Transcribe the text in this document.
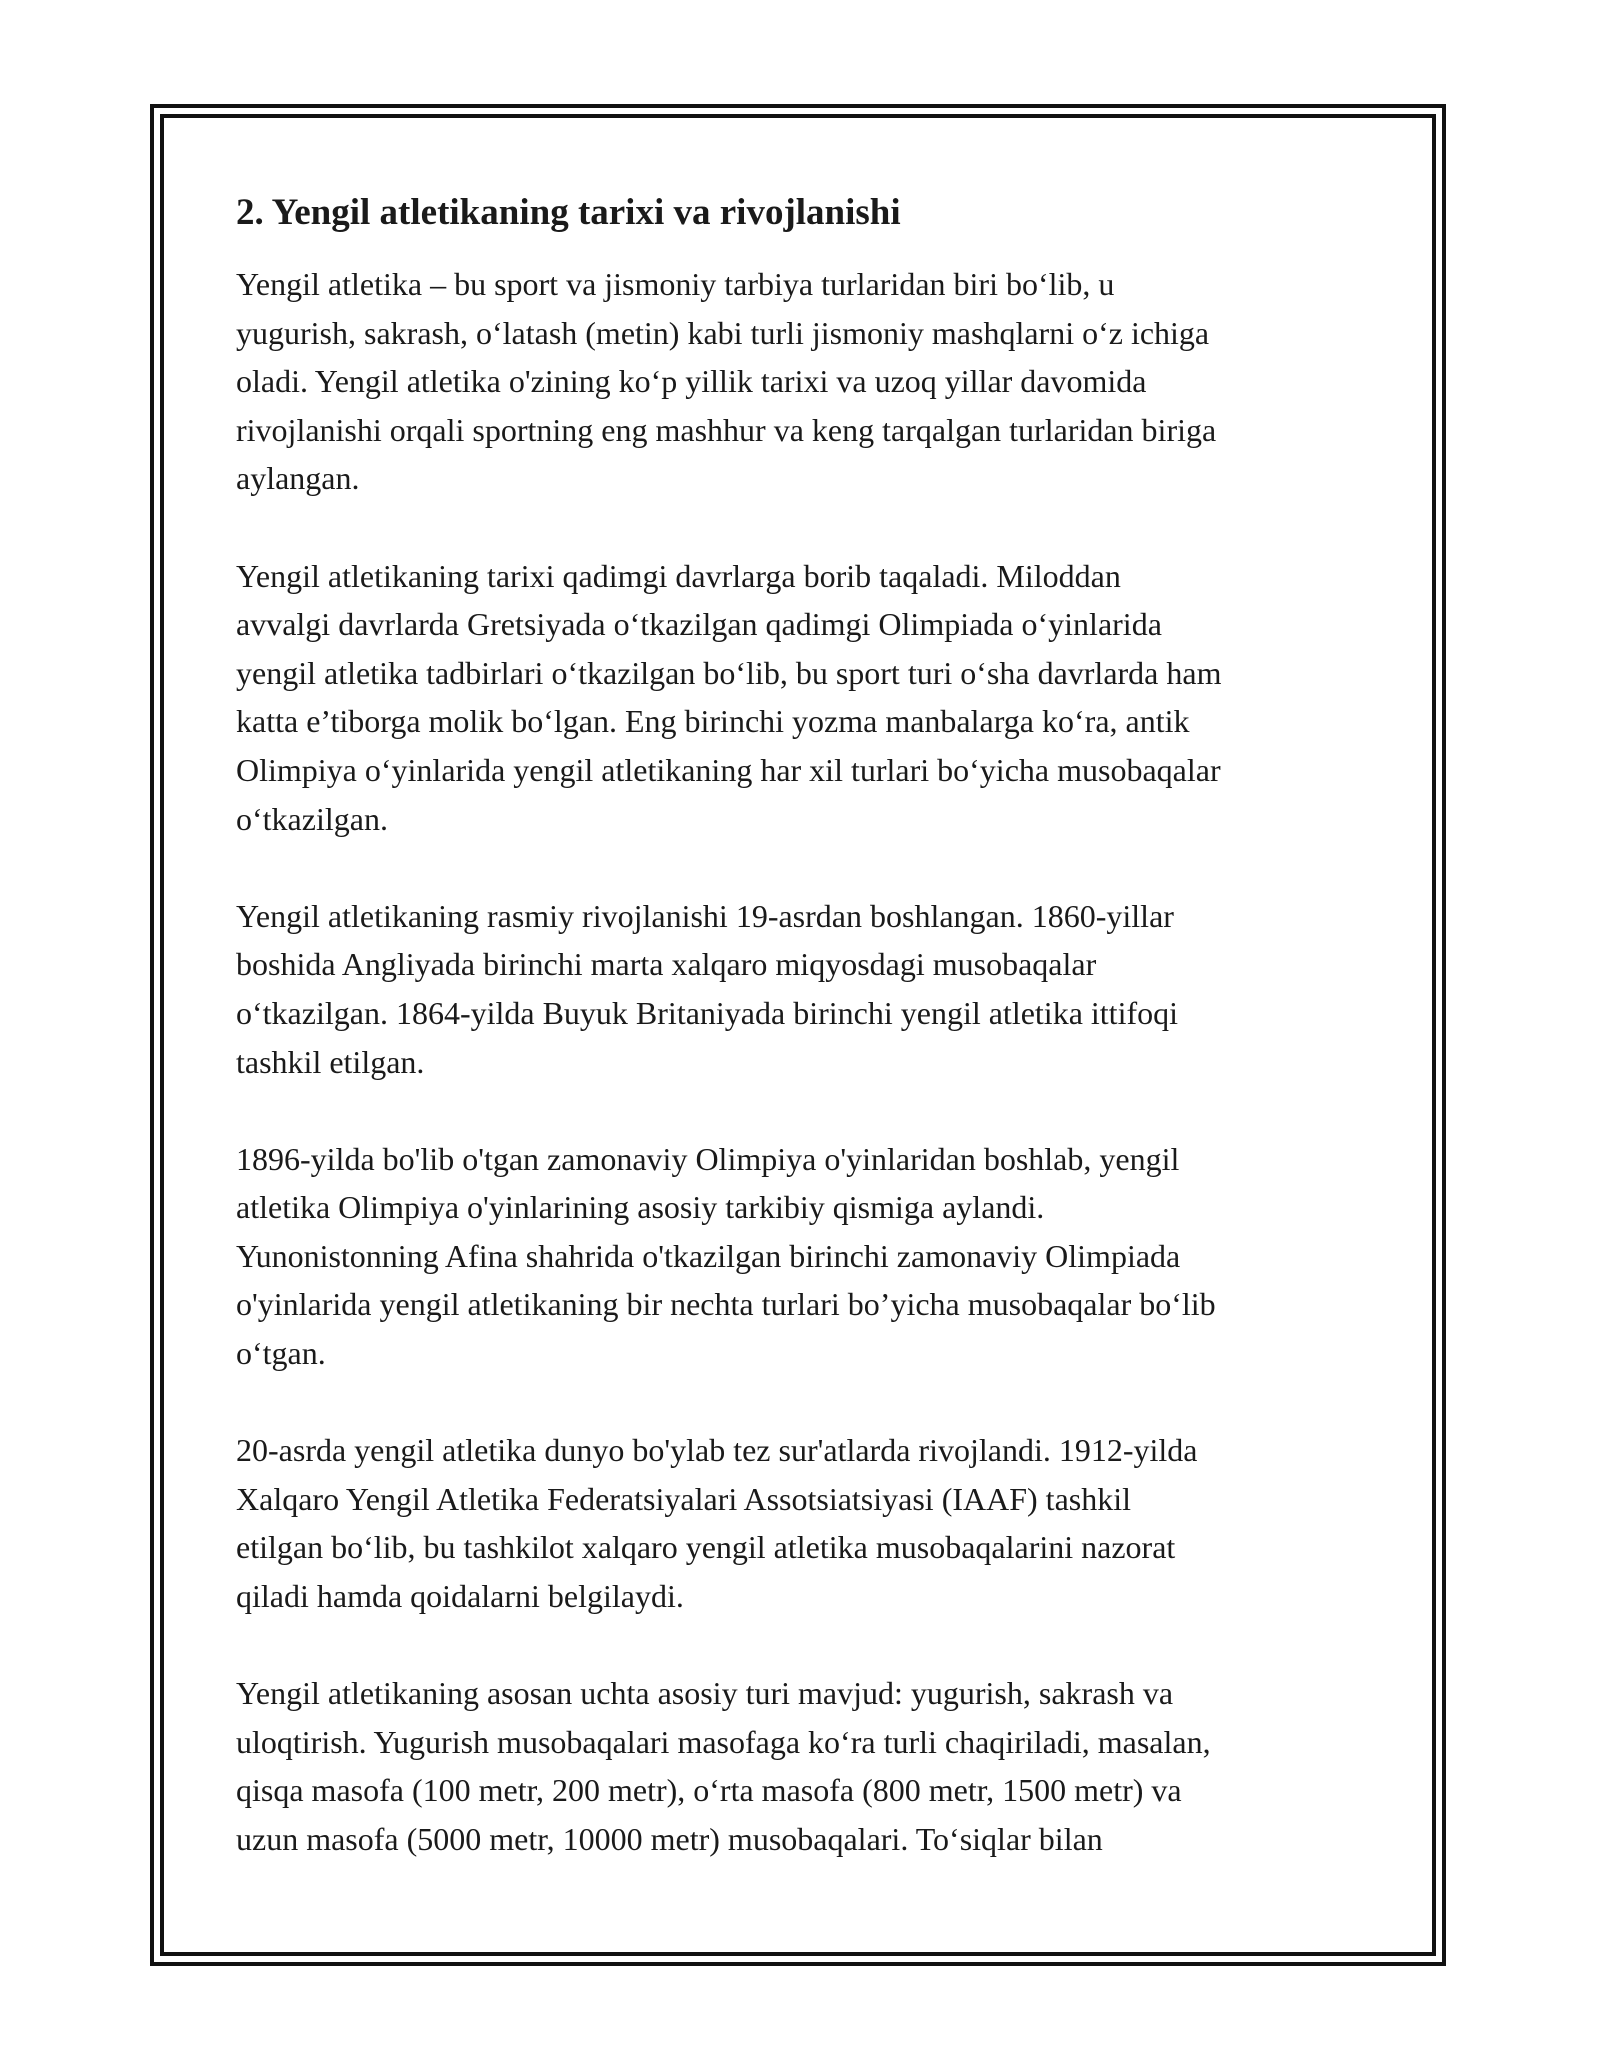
2. Yengil atletikaning tarixi va rivojlanishi
Yengil atletika – bu sport va jismoniy tarbiya turlaridan biri bo‘lib, u
yugurish, sakrash, o‘latash (metin) kabi turli jismoniy mashqlarni o‘z ichiga
oladi. Yengil atletika o'zining ko‘p yillik tarixi va uzoq yillar davomida
rivojlanishi orqali sportning eng mashhur va keng tarqalgan turlaridan biriga
aylangan.
Yengil atletikaning tarixi qadimgi davrlarga borib taqaladi. Miloddan
avvalgi davrlarda Gretsiyada o‘tkazilgan qadimgi Olimpiada o‘yinlarida
yengil atletika tadbirlari o‘tkazilgan bo‘lib, bu sport turi o‘sha davrlarda ham
katta e’tiborga molik bo‘lgan. Eng birinchi yozma manbalarga ko‘ra, antik
Olimpiya o‘yinlarida yengil atletikaning har xil turlari bo‘yicha musobaqalar
o‘tkazilgan.
Yengil atletikaning rasmiy rivojlanishi 19-asrdan boshlangan. 1860-yillar
boshida Angliyada birinchi marta xalqaro miqyosdagi musobaqalar
o‘tkazilgan. 1864-yilda Buyuk Britaniyada birinchi yengil atletika ittifoqi
tashkil etilgan.
1896-yilda bo'lib o'tgan zamonaviy Olimpiya o'yinlaridan boshlab, yengil
atletika Olimpiya o'yinlarining asosiy tarkibiy qismiga aylandi.
Yunonistonning Afina shahrida o'tkazilgan birinchi zamonaviy Olimpiada
o'yinlarida yengil atletikaning bir nechta turlari bo’yicha musobaqalar bo‘lib
o‘tgan.
20-asrda yengil atletika dunyo bo'ylab tez sur'atlarda rivojlandi. 1912-yilda
Xalqaro Yengil Atletika Federatsiyalari Assotsiatsiyasi (IAAF) tashkil
etilgan bo‘lib, bu tashkilot xalqaro yengil atletika musobaqalarini nazorat
qiladi hamda qoidalarni belgilaydi.
Yengil atletikaning asosan uchta asosiy turi mavjud: yugurish, sakrash va
uloqtirish. Yugurish musobaqalari masofaga ko‘ra turli chaqiriladi, masalan,
qisqa masofa (100 metr, 200 metr), o‘rta masofa (800 metr, 1500 metr) va
uzun masofa (5000 metr, 10000 metr) musobaqalari. To‘siqlar bilan
